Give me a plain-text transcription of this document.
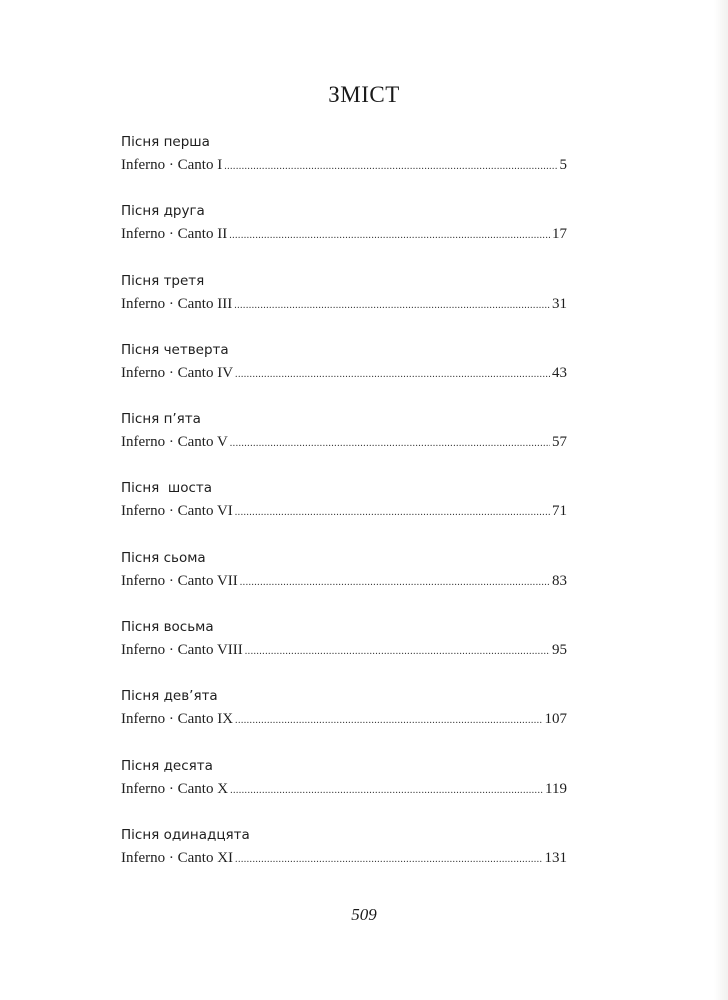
ЗМІСТ
Пісня перша
Inferno · Canto I .....	5
Пісня друга
Inferno · Canto II .....	17
Пісня третя
Inferno · Canto III .....	31
Пісня четверта
Inferno · Canto IV .....	43
Пісня п’ята
Inferno · Canto V .....	57
Пісня  шоста
Inferno · Canto VI .....	71
Пісня сьома
Inferno · Canto VII .....	83
Пісня восьма
Inferno · Canto VIII .....	95
Пісня дев’ята
Inferno · Canto IX .....	107
Пісня десята
Inferno · Canto X .....	119
Пісня одинадцята
Inferno · Canto XI .....	131
509
